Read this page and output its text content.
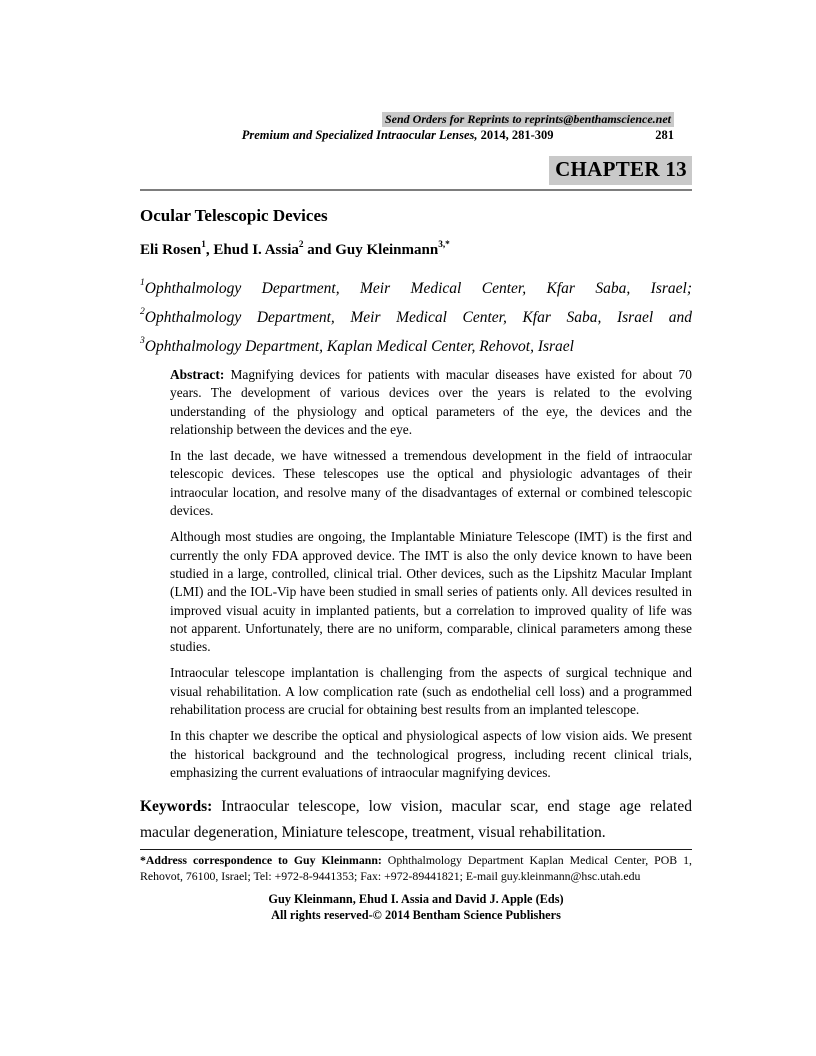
Send Orders for Reprints to reprints@benthamscience.net
Premium and Specialized Intraocular Lenses, 2014, 281-309	281
CHAPTER 13
Ocular Telescopic Devices

Eli Rosen$^1$, Ehud I. Assia$^2$ and Guy Kleinmann$^{3,*}$

$^1$Ophthalmology Department, Meir Medical Center, Kfar Saba, Israel;
$^2$Ophthalmology Department, Meir Medical Center, Kfar Saba, Israel and
$^3$Ophthalmology Department, Kaplan Medical Center, Rehovot, Israel

Abstract: Magnifying devices for patients with macular diseases have existed for about 70 years. The development of various devices over the years is related to the evolving understanding of the physiology and optical parameters of the eye, the devices and the relationship between the devices and the eye.

In the last decade, we have witnessed a tremendous development in the field of intraocular telescopic devices. These telescopes use the optical and physiologic advantages of their intraocular location, and resolve many of the disadvantages of external or combined telescopic devices.

Although most studies are ongoing, the Implantable Miniature Telescope (IMT) is the first and currently the only FDA approved device. The IMT is also the only device known to have been studied in a large, controlled, clinical trial. Other devices, such as the Lipshitz Macular Implant (LMI) and the IOL-Vip have been studied in small series of patients only. All devices resulted in improved visual acuity in implanted patients, but a correlation to improved quality of life was not apparent. Unfortunately, there are no uniform, comparable, clinical parameters among these studies.

Intraocular telescope implantation is challenging from the aspects of surgical technique and visual rehabilitation. A low complication rate (such as endothelial cell loss) and a programmed rehabilitation process are crucial for obtaining best results from an implanted telescope.

In this chapter we describe the optical and physiological aspects of low vision aids. We present the historical background and the technological progress, including recent clinical trials, emphasizing the current evaluations of intraocular magnifying devices.

Keywords: Intraocular telescope, low vision, macular scar, end stage age related macular degeneration, Miniature telescope, treatment, visual rehabilitation.

*Address correspondence to Guy Kleinmann: Ophthalmology Department Kaplan Medical Center, POB 1, Rehovot, 76100, Israel; Tel: +972-8-9441353; Fax: +972-89441821; E-mail guy.kleinmann@hsc.utah.edu

Guy Kleinmann, Ehud I. Assia and David J. Apple (Eds)
All rights reserved-© 2014 Bentham Science Publishers
